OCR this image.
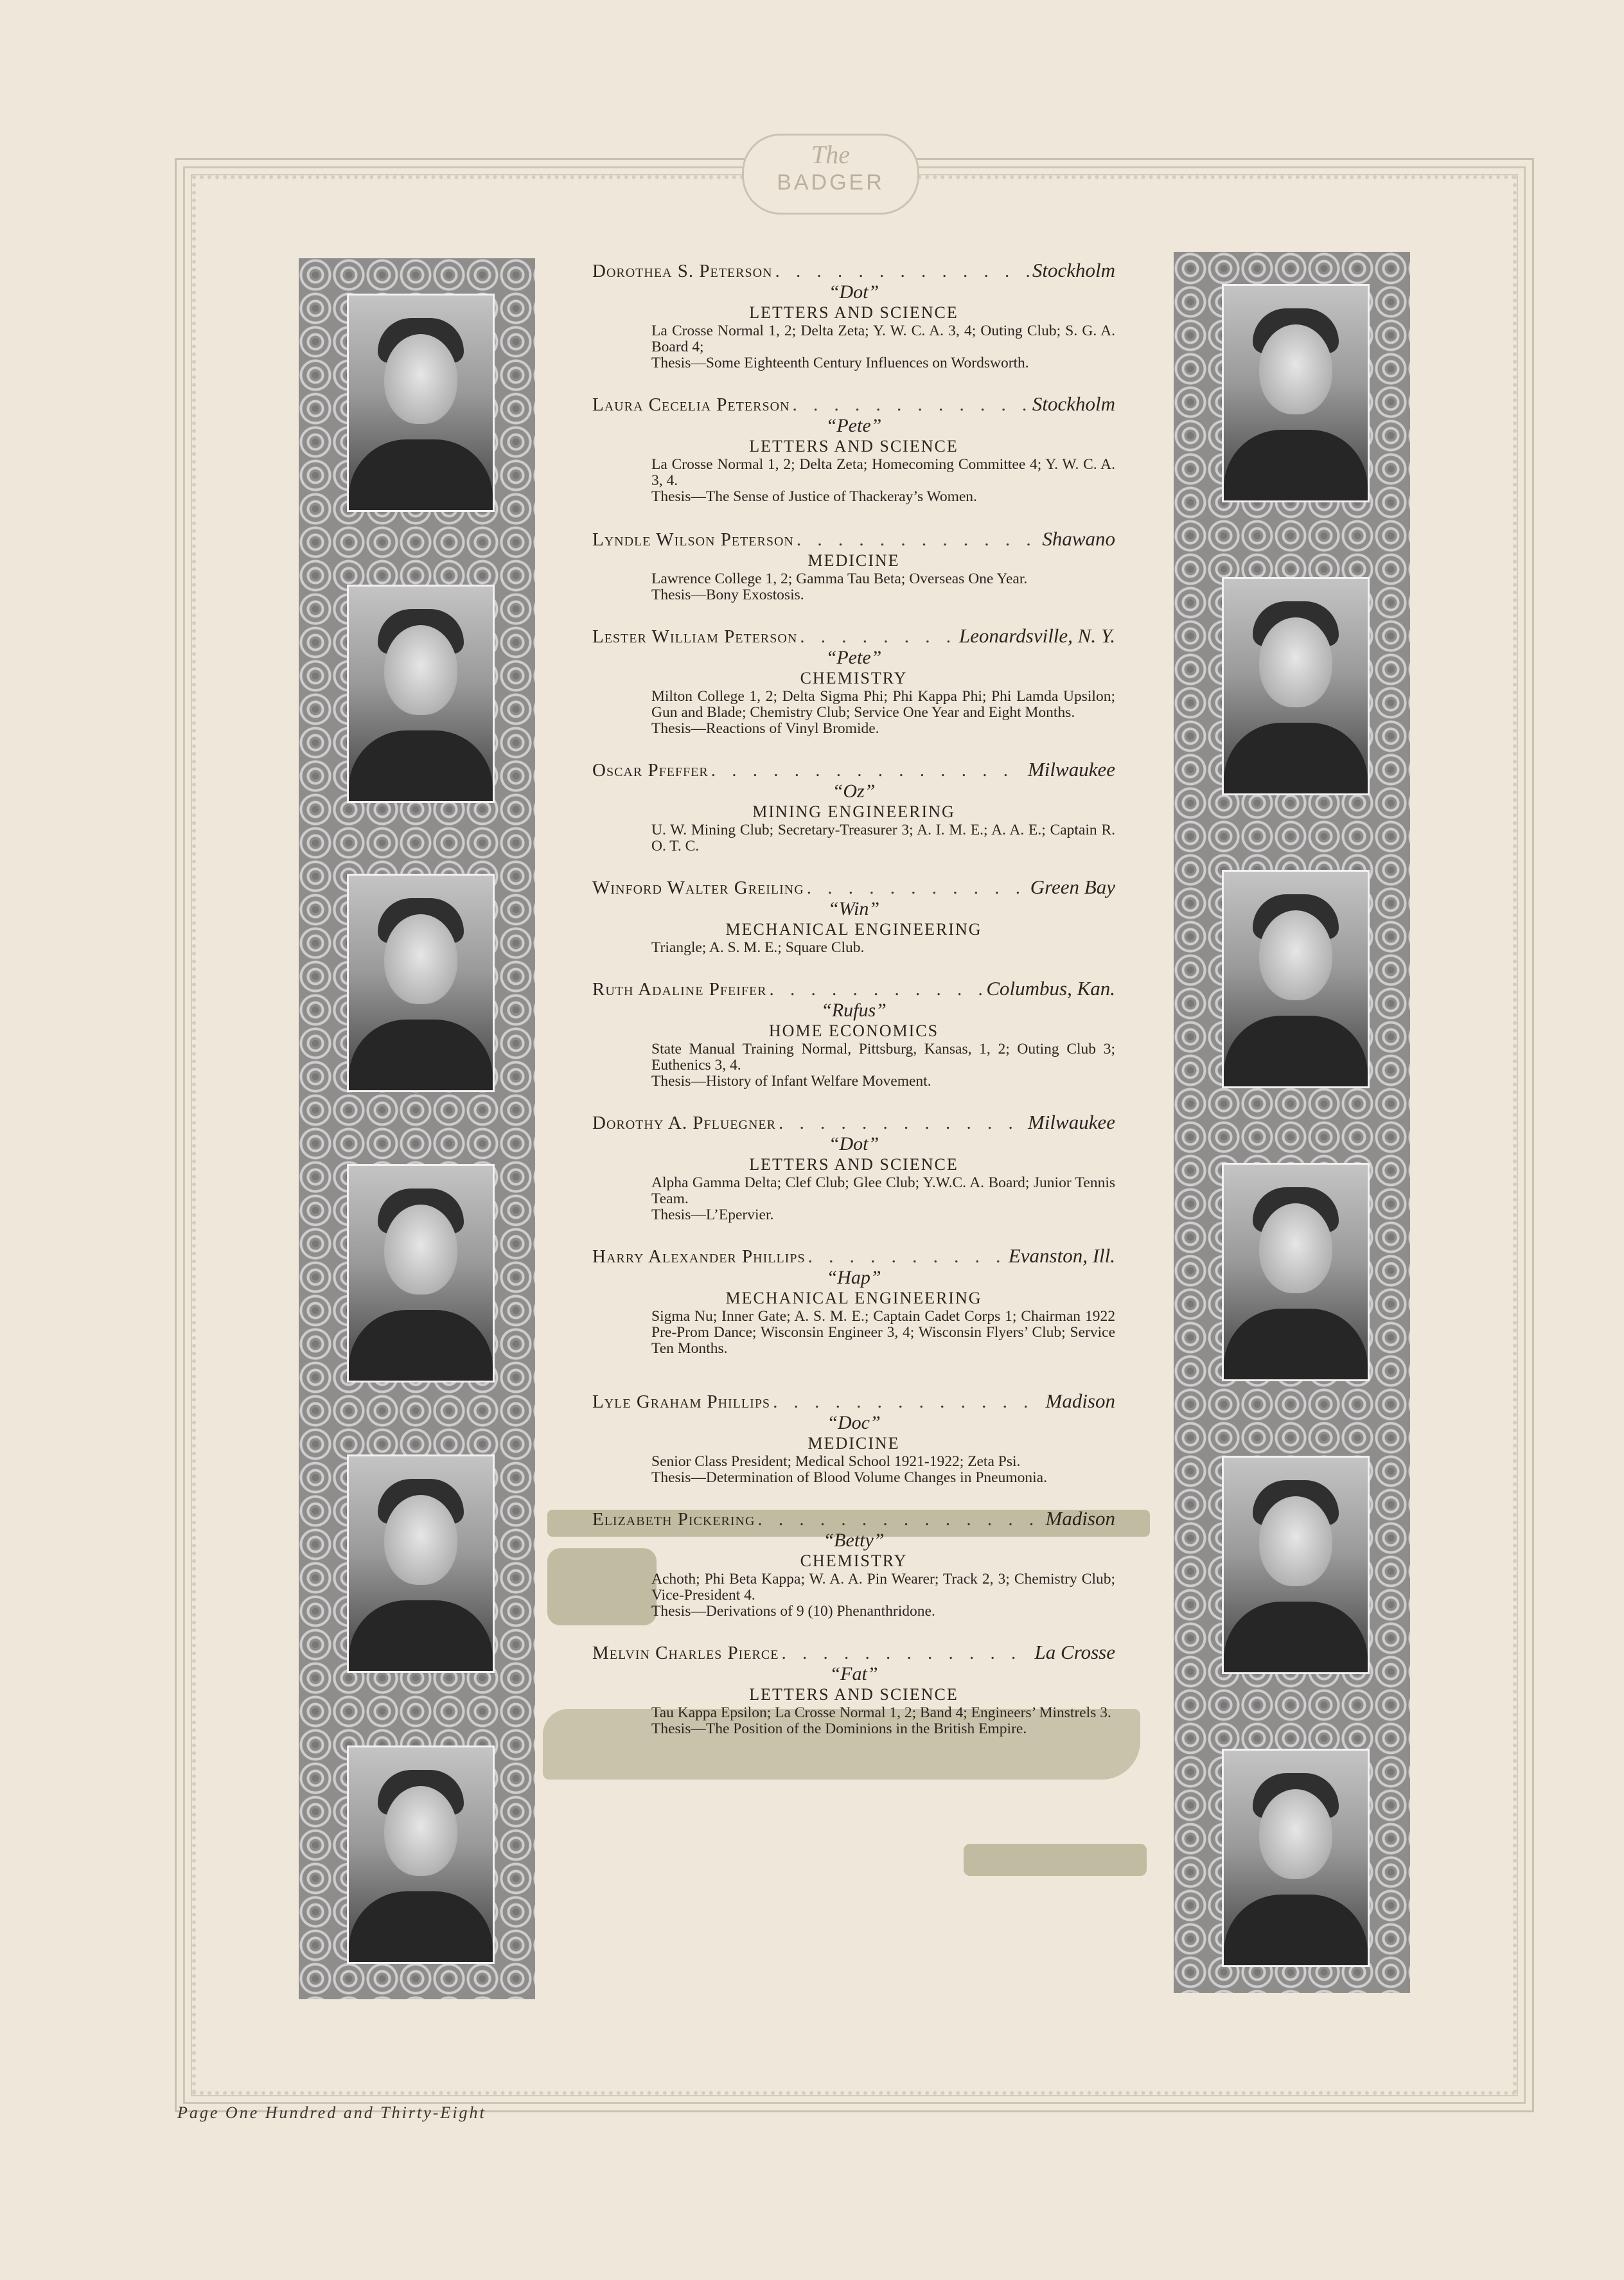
The
BADGER
Dorothea S. Peterson . . .	Stockholm
“Dot”
LETTERS AND SCIENCE
La Crosse Normal 1, 2; Delta Zeta; Y. W. C. A. 3, 4; Outing Club; S. G. A. Board 4;
Thesis—Some Eighteenth Century Influences on Wordsworth.
Laura Cecelia Peterson . . .	Stockholm
“Pete”
LETTERS AND SCIENCE
La Crosse Normal 1, 2; Delta Zeta; Homecoming Committee 4; Y. W. C. A. 3, 4.
Thesis—The Sense of Justice of Thackeray’s Women.
Lyndle Wilson Peterson . . .	Shawano
MEDICINE
Lawrence College 1, 2; Gamma Tau Beta; Overseas One Year.
Thesis—Bony Exostosis.
Lester William Peterson . . .	Leonardsville, N. Y.
“Pete”
CHEMISTRY
Milton College 1, 2; Delta Sigma Phi; Phi Kappa Phi; Phi Lamda Upsilon; Gun and Blade; Chemistry Club; Service One Year and Eight Months.
Thesis—Reactions of Vinyl Bromide.
Oscar Pfeffer . . .	Milwaukee
“Oz”
MINING ENGINEERING
U. W. Mining Club; Secretary-Treasurer 3; A. I. M. E.; A. A. E.; Captain R. O. T. C.
Winford Walter Greiling . . .	Green Bay
“Win”
MECHANICAL ENGINEERING
Triangle; A. S. M. E.; Square Club.
Ruth Adaline Pfeifer . . .	Columbus, Kan.
“Rufus”
HOME ECONOMICS
State Manual Training Normal, Pittsburg, Kansas, 1, 2; Outing Club 3; Euthenics 3, 4.
Thesis—History of Infant Welfare Movement.
Dorothy A. Pfluegner . . .	Milwaukee
“Dot”
LETTERS AND SCIENCE
Alpha Gamma Delta; Clef Club; Glee Club; Y.W.C. A. Board; Junior Tennis Team.
Thesis—L’Epervier.
Harry Alexander Phillips . . .	Evanston, Ill.
“Hap”
MECHANICAL ENGINEERING
Sigma Nu; Inner Gate; A. S. M. E.; Captain Cadet Corps 1; Chairman 1922 Pre-Prom Dance; Wisconsin Engineer 3, 4; Wisconsin Flyers’ Club; Service Ten Months.
Lyle Graham Phillips . . .	Madison
“Doc”
MEDICINE
Senior Class President; Medical School 1921-1922; Zeta Psi.
Thesis—Determination of Blood Volume Changes in Pneumonia.
Elizabeth Pickering . . .	Madison
“Betty”
CHEMISTRY
Achoth; Phi Beta Kappa; W. A. A. Pin Wearer; Track 2, 3; Chemistry Club; Vice-President 4.
Thesis—Derivations of 9 (10) Phenanthridone.
Melvin Charles Pierce . . .	La Crosse
“Fat”
LETTERS AND SCIENCE
Tau Kappa Epsilon; La Crosse Normal 1, 2; Band 4; Engineers’ Minstrels 3.
Thesis—The Position of the Dominions in the British Empire.
Page One Hundred and Thirty-Eight
